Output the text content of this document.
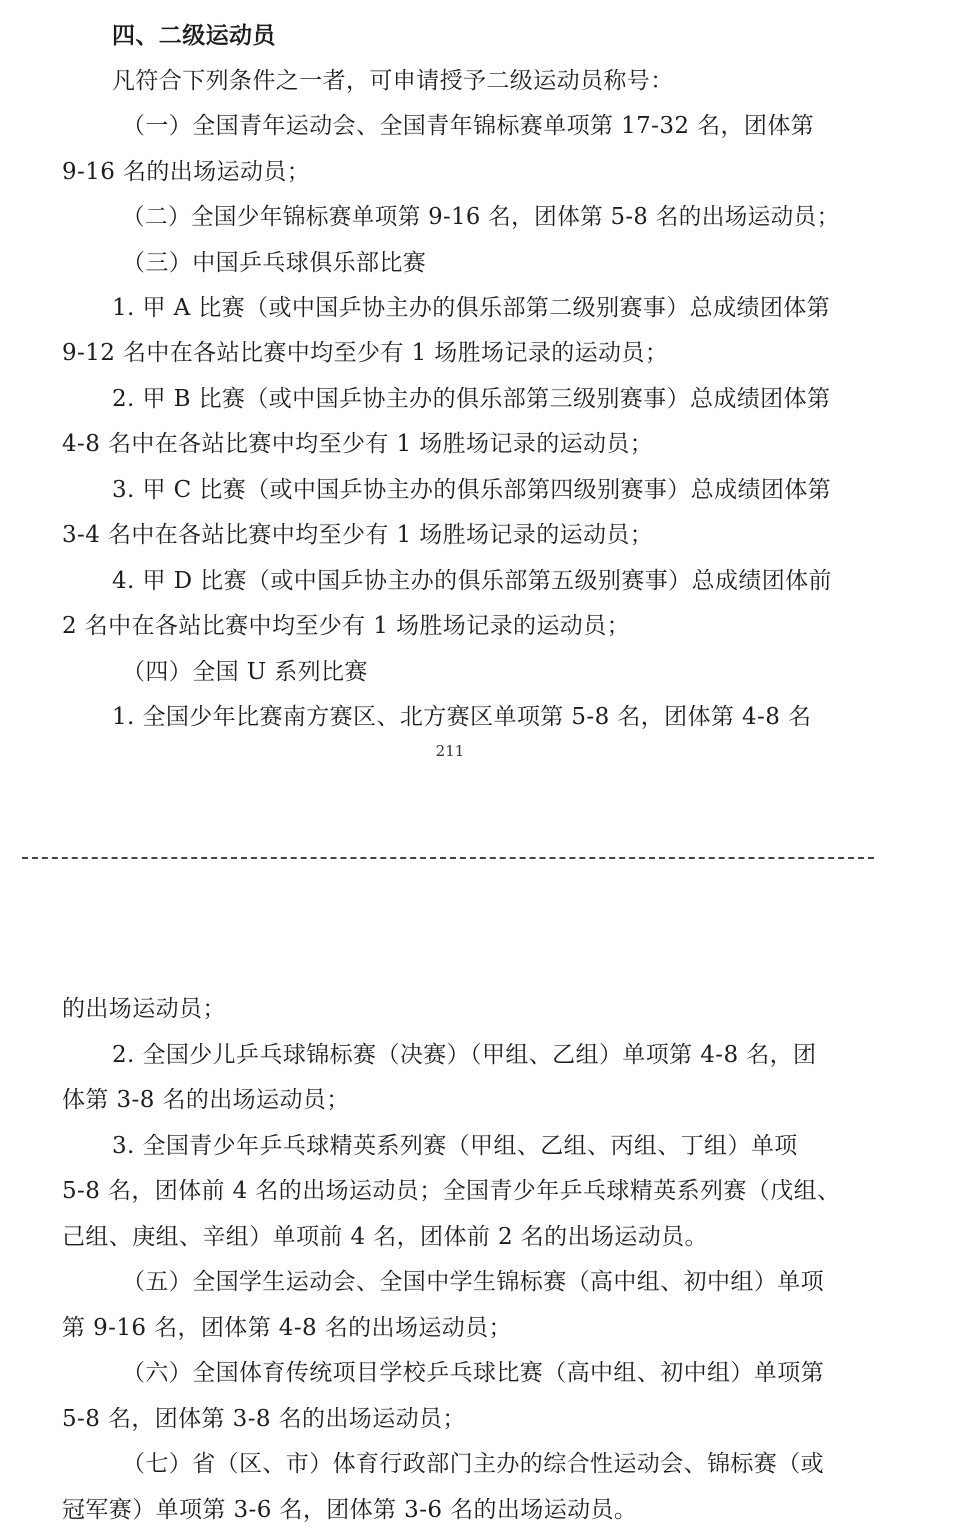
四、二级运动员
凡符合下列条件之一者，可申请授予二级运动员称号：
（一）全国青年运动会、全国青年锦标赛单项第 17-32 名，团体第
9-16 名的出场运动员；
（二）全国少年锦标赛单项第 9-16 名，团体第 5-8 名的出场运动员；
（三）中国乒乓球俱乐部比赛
1. 甲 A 比赛（或中国乒协主办的俱乐部第二级别赛事）总成绩团体第
9-12 名中在各站比赛中均至少有 1 场胜场记录的运动员；
2. 甲 B 比赛（或中国乒协主办的俱乐部第三级别赛事）总成绩团体第
4-8 名中在各站比赛中均至少有 1 场胜场记录的运动员；
3. 甲 C 比赛（或中国乒协主办的俱乐部第四级别赛事）总成绩团体第
3-4 名中在各站比赛中均至少有 1 场胜场记录的运动员；
4. 甲 D 比赛（或中国乒协主办的俱乐部第五级别赛事）总成绩团体前
2 名中在各站比赛中均至少有 1 场胜场记录的运动员；
（四）全国 U 系列比赛
1. 全国少年比赛南方赛区、北方赛区单项第 5-8 名，团体第 4-8 名
211
的出场运动员；
2. 全国少儿乒乓球锦标赛（决赛）（甲组、乙组）单项第 4-8 名，团
体第 3-8 名的出场运动员；
3. 全国青少年乒乓球精英系列赛（甲组、乙组、丙组、丁组）单项
5-8 名，团体前 4 名的出场运动员；全国青少年乒乓球精英系列赛（戊组、
己组、庚组、辛组）单项前 4 名，团体前 2 名的出场运动员。
（五）全国学生运动会、全国中学生锦标赛（高中组、初中组）单项
第 9-16 名，团体第 4-8 名的出场运动员；
（六）全国体育传统项目学校乒乓球比赛（高中组、初中组）单项第
5-8 名，团体第 3-8 名的出场运动员；
（七）省（区、市）体育行政部门主办的综合性运动会、锦标赛（或
冠军赛）单项第 3-6 名，团体第 3-6 名的出场运动员。
